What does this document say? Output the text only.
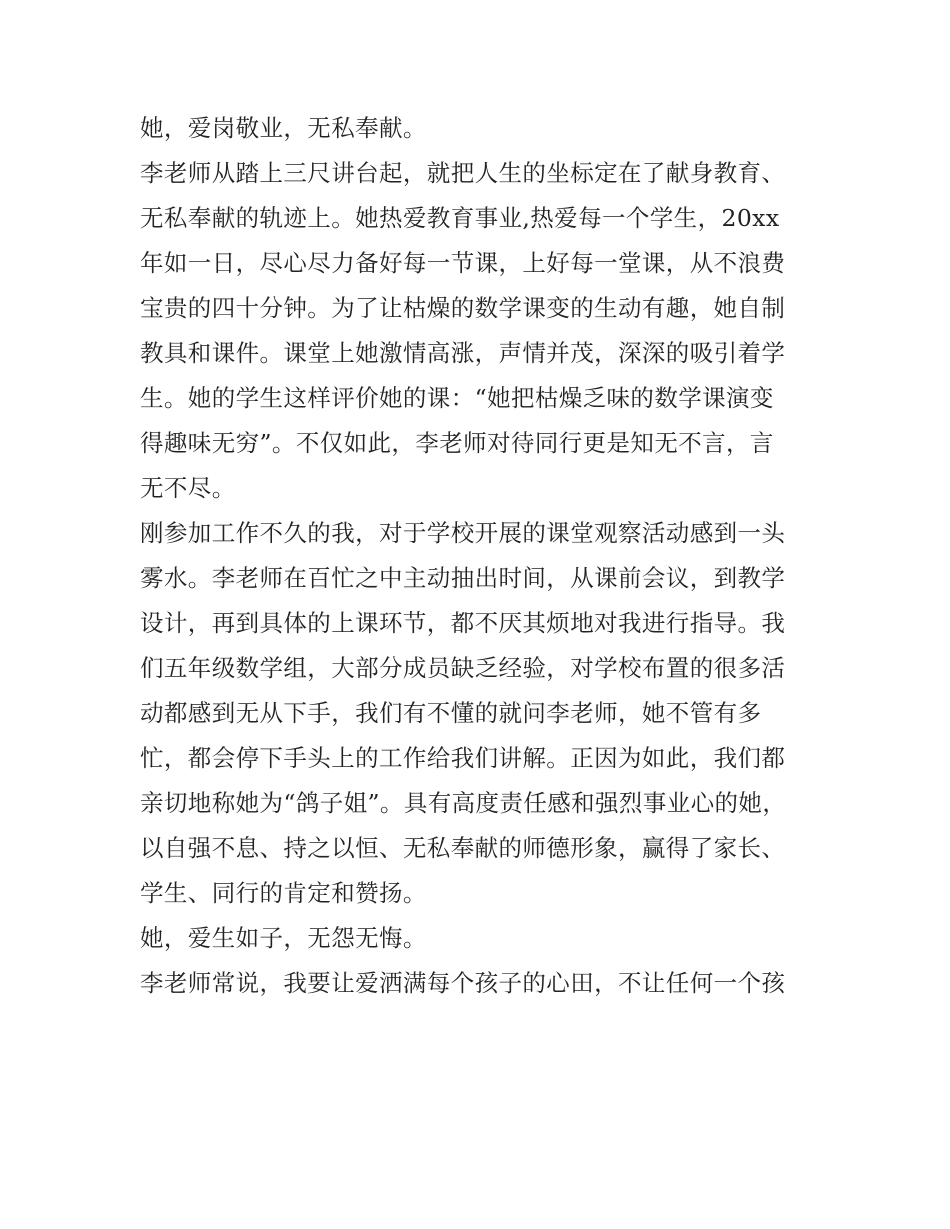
她，爱岗敬业，无私奉献。
李老师从踏上三尺讲台起，就把人生的坐标定在了献身教育、
无私奉献的轨迹上。她热爱教育事业,热爱每一个学生，20xx
年如一日，尽心尽力备好每一节课，上好每一堂课，从不浪费
宝贵的四十分钟。为了让枯燥的数学课变的生动有趣，她自制
教具和课件。课堂上她激情高涨，声情并茂，深深的吸引着学
生。她的学生这样评价她的课：“她把枯燥乏味的数学课演变
得趣味无穷”。不仅如此，李老师对待同行更是知无不言，言
无不尽。
刚参加工作不久的我，对于学校开展的课堂观察活动感到一头
雾水。李老师在百忙之中主动抽出时间，从课前会议，到教学
设计，再到具体的上课环节，都不厌其烦地对我进行指导。我
们五年级数学组，大部分成员缺乏经验，对学校布置的很多活
动都感到无从下手，我们有不懂的就问李老师，她不管有多
忙，都会停下手头上的工作给我们讲解。正因为如此，我们都
亲切地称她为“鸽子姐”。具有高度责任感和强烈事业心的她，
以自强不息、持之以恒、无私奉献的师德形象，赢得了家长、
学生、同行的肯定和赞扬。
她，爱生如子，无怨无悔。
李老师常说，我要让爱洒满每个孩子的心田，不让任何一个孩
